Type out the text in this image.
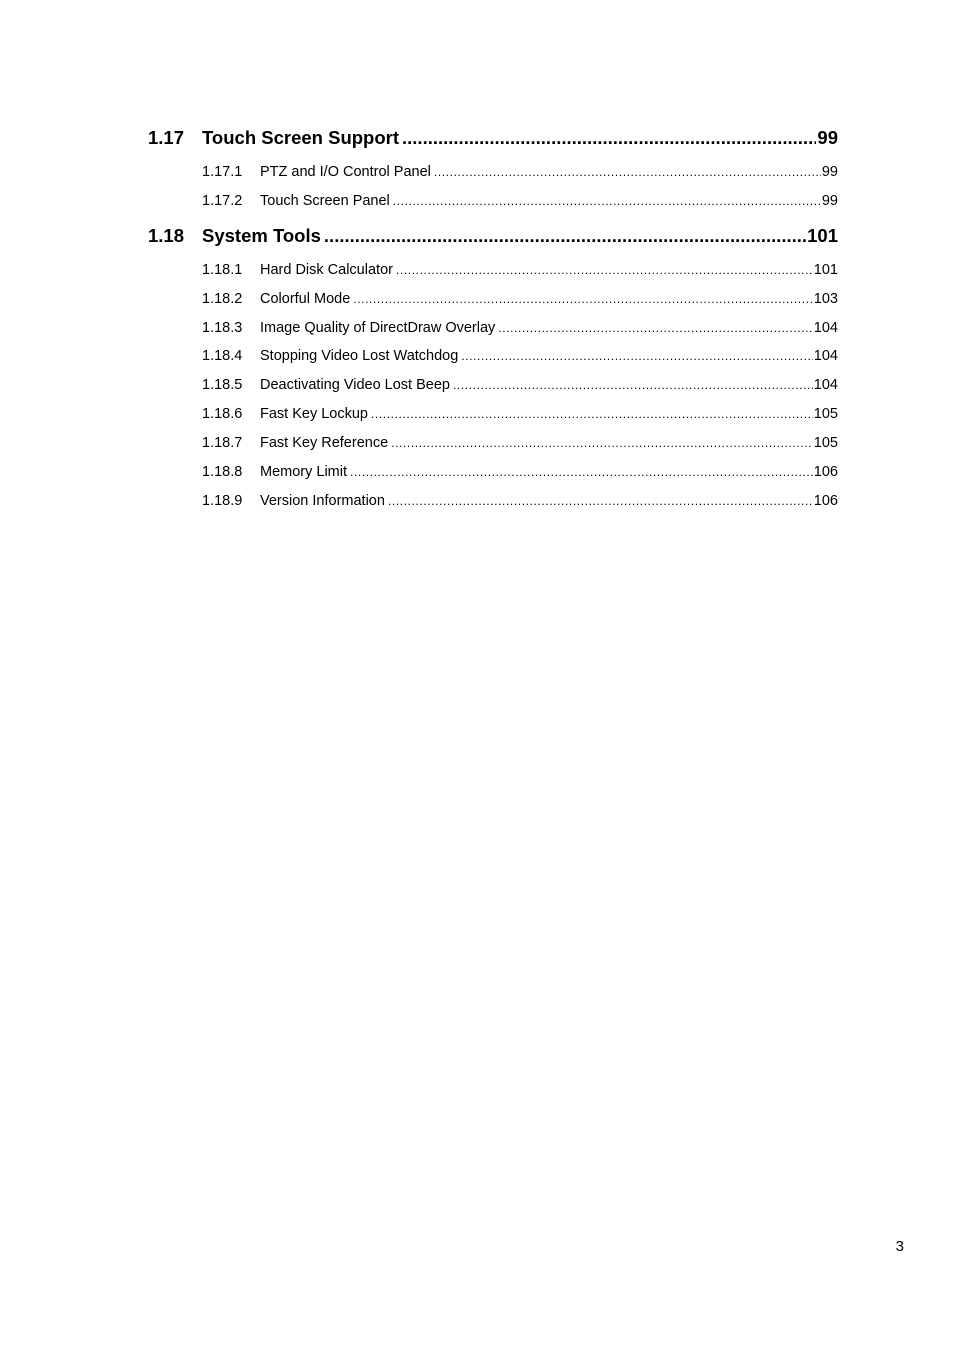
1.17 Touch Screen Support .....	99
1.17.1	PTZ and I/O Control Panel .....	99
1.17.2	Touch Screen Panel .....	99
1.18 System Tools .....	101
1.18.1	Hard Disk Calculator .....	101
1.18.2	Colorful Mode .....	103
1.18.3	Image Quality of DirectDraw Overlay .....	104
1.18.4	Stopping Video Lost Watchdog .....	104
1.18.5	Deactivating Video Lost Beep .....	104
1.18.6	Fast Key Lockup .....	105
1.18.7	Fast Key Reference .....	105
1.18.8	Memory Limit .....	106
1.18.9	Version Information .....	106
3
